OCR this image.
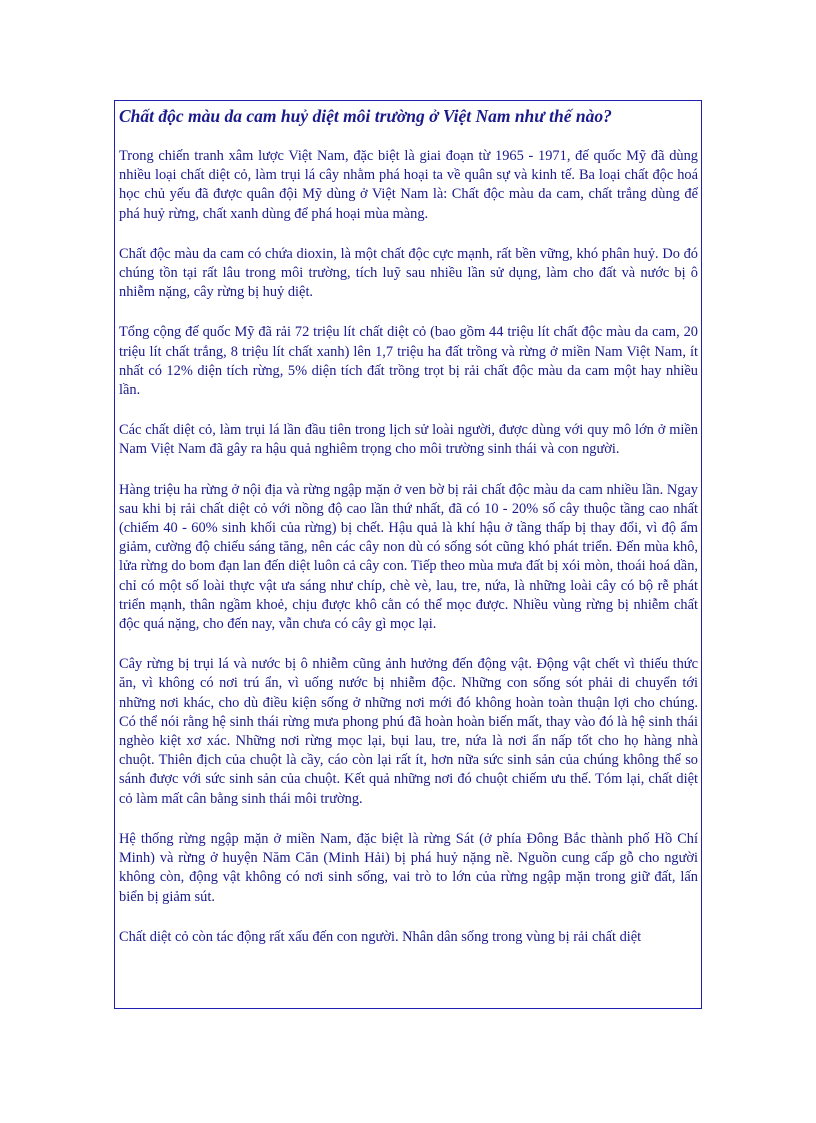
Chất độc màu da cam huỷ diệt môi trường ở Việt Nam như thế nào?

Trong chiến tranh xâm lược Việt Nam, đặc biệt là giai đoạn từ 1965 - 1971, đế quốc Mỹ đã dùng nhiều loại chất diệt cỏ, làm trụi lá cây nhằm phá hoại ta về quân sự và kinh tế. Ba loại chất độc hoá học chủ yếu đã được quân đội Mỹ dùng ở Việt Nam là: Chất độc màu da cam, chất trắng dùng để phá huỷ rừng, chất xanh dùng để phá hoại mùa màng.

Chất độc màu da cam có chứa dioxin, là một chất độc cực mạnh, rất bền vững, khó phân huỷ. Do đó chúng tồn tại rất lâu trong môi trường, tích luỹ sau nhiều lần sử dụng, làm cho đất và nước bị ô nhiễm nặng, cây rừng bị huỷ diệt.

Tổng cộng đế quốc Mỹ đã rải 72 triệu lít chất diệt cỏ (bao gồm 44 triệu lít chất độc màu da cam, 20 triệu lít chất trắng, 8 triệu lít chất xanh) lên 1,7 triệu ha đất trồng và rừng ở miền Nam Việt Nam, ít nhất có 12% diện tích rừng, 5% diện tích đất trồng trọt bị rải chất độc màu da cam một hay nhiều lần.

Các chất diệt cỏ, làm trụi lá lần đầu tiên trong lịch sử loài người, được dùng với quy mô lớn ở miền Nam Việt Nam đã gây ra hậu quả nghiêm trọng cho môi trường sinh thái và con người.

Hàng triệu ha rừng ở nội địa và rừng ngập mặn ở ven bờ bị rải chất độc màu da cam nhiều lần. Ngay sau khi bị rải chất diệt cỏ với nồng độ cao lần thứ nhất, đã có 10 - 20% số cây thuộc tầng cao nhất (chiếm 40 - 60% sinh khối của rừng) bị chết. Hậu quả là khí hậu ở tầng thấp bị thay đổi, vì độ ẩm giảm, cường độ chiếu sáng tăng, nên các cây non dù có sống sót cũng khó phát triển. Đến mùa khô, lửa rừng do bom đạn lan đến diệt luôn cả cây con. Tiếp theo mùa mưa đất bị xói mòn, thoái hoá dần, chỉ có một số loài thực vật ưa sáng như chíp, chè vè, lau, tre, nứa, là những loài cây có bộ rễ phát triển mạnh, thân ngầm khoẻ, chịu được khô cằn có thể mọc được. Nhiều vùng rừng bị nhiễm chất độc quá nặng, cho đến nay, vẫn chưa có cây gì mọc lại.

Cây rừng bị trụi lá và nước bị ô nhiễm cũng ảnh hưởng đến động vật. Động vật chết vì thiếu thức ăn, vì không có nơi trú ẩn, vì uống nước bị nhiễm độc. Những con sống sót phải di chuyển tới những nơi khác, cho dù điều kiện sống ở những nơi mới đó không hoàn toàn thuận lợi cho chúng. Có thể nói rằng hệ sinh thái rừng mưa phong phú đã hoàn hoàn biến mất, thay vào đó là hệ sinh thái nghèo kiệt xơ xác. Những nơi rừng mọc lại, bụi lau, tre, nứa là nơi ẩn nấp tốt cho họ hàng nhà chuột. Thiên địch của chuột là cầy, cáo còn lại rất ít, hơn nữa sức sinh sản của chúng không thể so sánh được với sức sinh sản của chuột. Kết quả những nơi đó chuột chiếm ưu thế. Tóm lại, chất diệt cỏ làm mất cân bằng sinh thái môi trường.

Hệ thống rừng ngập mặn ở miền Nam, đặc biệt là rừng Sát (ở phía Đông Bắc thành phố Hồ Chí Minh) và rừng ở huyện Năm Căn (Minh Hải) bị phá huỷ nặng nề. Nguồn cung cấp gỗ cho người không còn, động vật không có nơi sinh sống, vai trò to lớn của rừng ngập mặn trong giữ đất, lấn biển bị giảm sút.

Chất diệt cỏ còn tác động rất xấu đến con người. Nhân dân sống trong vùng bị rải chất diệt
